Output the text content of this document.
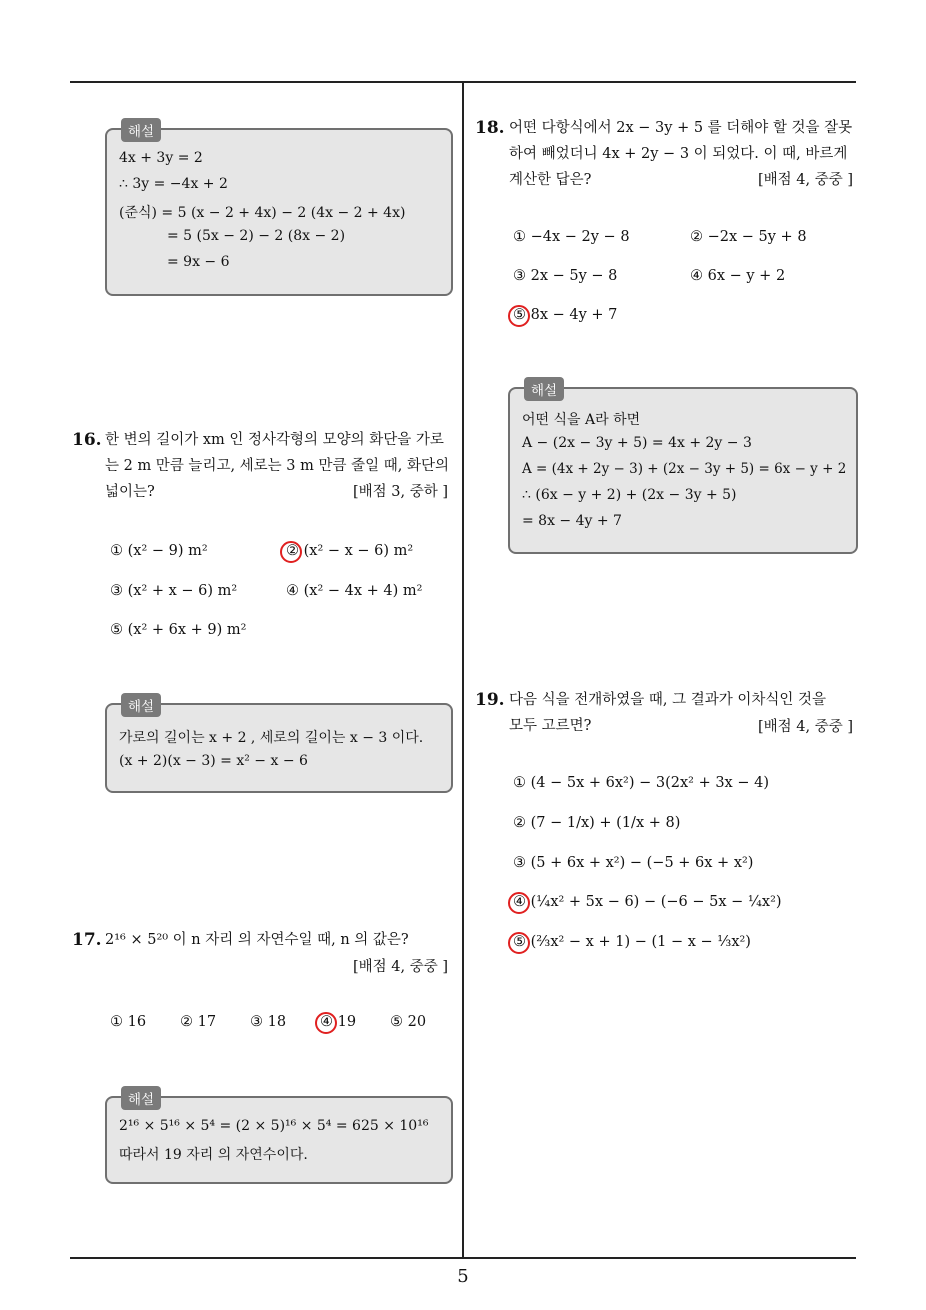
해설
4x + 3y = 2
∴ 3y = −4x + 2
(준식) = 5 (x − 2 + 4x) − 2 (4x − 2 + 4x)
= 5 (5x − 2) − 2 (8x − 2)
= 9x − 6
16. 한 변의 길이가 xm 인 정사각형의 모양의 화단을 가로
는 2 m 만큼 늘리고, 세로는 3 m 만큼 줄일 때, 화단의
넓이는?	[배점 3, 중하 ]
① (x² − 9) m²	② (x² − x − 6) m²
③ (x² + x − 6) m²	④ (x² − 4x + 4) m²
⑤ (x² + 6x + 9) m²
해설
가로의 길이는 x + 2 , 세로의 길이는 x − 3 이다.
(x + 2)(x − 3) = x² − x − 6
17. 2¹⁶ × 5²⁰ 이 n 자리 의 자연수일 때, n 의 값은?
[배점 4, 중중 ]
① 16 ② 17 ③ 18 ④ 19 ⑤ 20
해설
2¹⁶ × 5¹⁶ × 5⁴ = (2 × 5)¹⁶ × 5⁴ = 625 × 10¹⁶
따라서 19 자리 의 자연수이다.
18. 어떤 다항식에서 2x − 3y + 5 를 더해야 할 것을 잘못
하여 빼었더니 4x + 2y − 3 이 되었다. 이 때, 바르게
계산한 답은?	[배점 4, 중중 ]
① −4x − 2y − 8	② −2x − 5y + 8
③ 2x − 5y − 8	④ 6x − y + 2
⑤ 8x − 4y + 7
해설
어떤 식을 A라 하면
A − (2x − 3y + 5) = 4x + 2y − 3
A = (4x + 2y − 3) + (2x − 3y + 5) = 6x − y + 2
∴ (6x − y + 2) + (2x − 3y + 5)
= 8x − 4y + 7
19. 다음 식을 전개하였을 때, 그 결과가 이차식인 것을
모두 고르면?	[배점 4, 중중 ]
① (4 − 5x + 6x²) − 3(2x² + 3x − 4)
② (7 − 1/x) + (1/x + 8)
③ (5 + 6x + x²) − (−5 + 6x + x²)
④ (¼x² + 5x − 6) − (−6 − 5x − ¼x²)
⑤ (⅔x² − x + 1) − (1 − x − ⅓x²)
5
